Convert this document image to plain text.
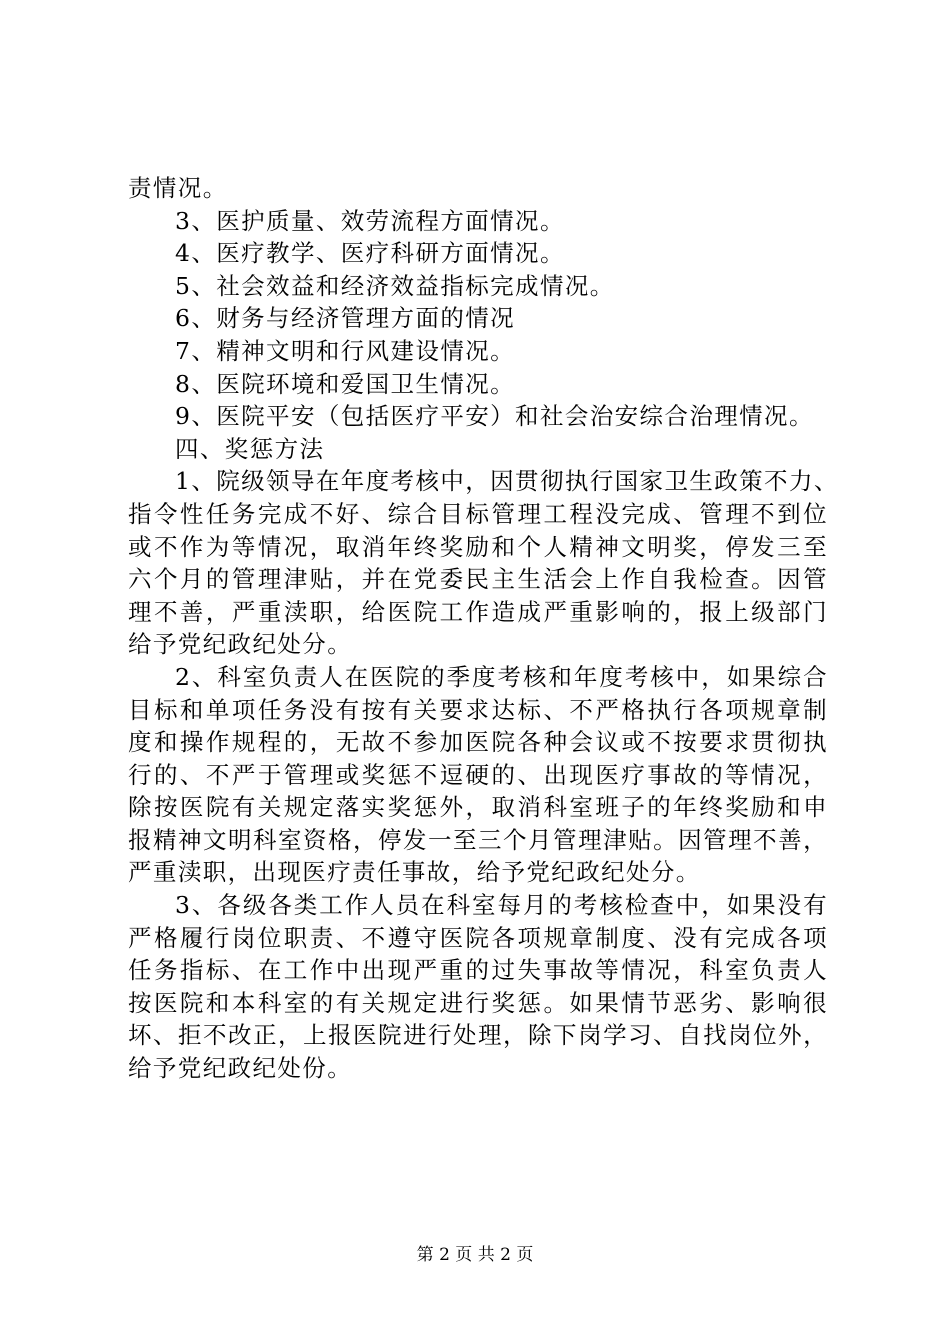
责情况。
3、医护质量、效劳流程方面情况。
4、医疗教学、医疗科研方面情况。
5、社会效益和经济效益指标完成情况。
6、财务与经济管理方面的情况
7、精神文明和行风建设情况。
8、医院环境和爱国卫生情况。
9、医院平安（包括医疗平安）和社会治安综合治理情况。
四、奖惩方法
1、院级领导在年度考核中，因贯彻执行国家卫生政策不力、
指令性任务完成不好、综合目标管理工程没完成、管理不到位
或不作为等情况，取消年终奖励和个人精神文明奖，停发三至
六个月的管理津贴，并在党委民主生活会上作自我检查。因管
理不善，严重渎职，给医院工作造成严重影响的，报上级部门
给予党纪政纪处分。
2、科室负责人在医院的季度考核和年度考核中，如果综合
目标和单项任务没有按有关要求达标、不严格执行各项规章制
度和操作规程的，无故不参加医院各种会议或不按要求贯彻执
行的、不严于管理或奖惩不逗硬的、出现医疗事故的等情况，
除按医院有关规定落实奖惩外，取消科室班子的年终奖励和申
报精神文明科室资格，停发一至三个月管理津贴。因管理不善，
严重渎职，出现医疗责任事故，给予党纪政纪处分。
3、各级各类工作人员在科室每月的考核检查中，如果没有
严格履行岗位职责、不遵守医院各项规章制度、没有完成各项
任务指标、在工作中出现严重的过失事故等情况，科室负责人
按医院和本科室的有关规定进行奖惩。如果情节恶劣、影响很
坏、拒不改正，上报医院进行处理，除下岗学习、自找岗位外，
给予党纪政纪处份。
第 2 页 共 2 页
